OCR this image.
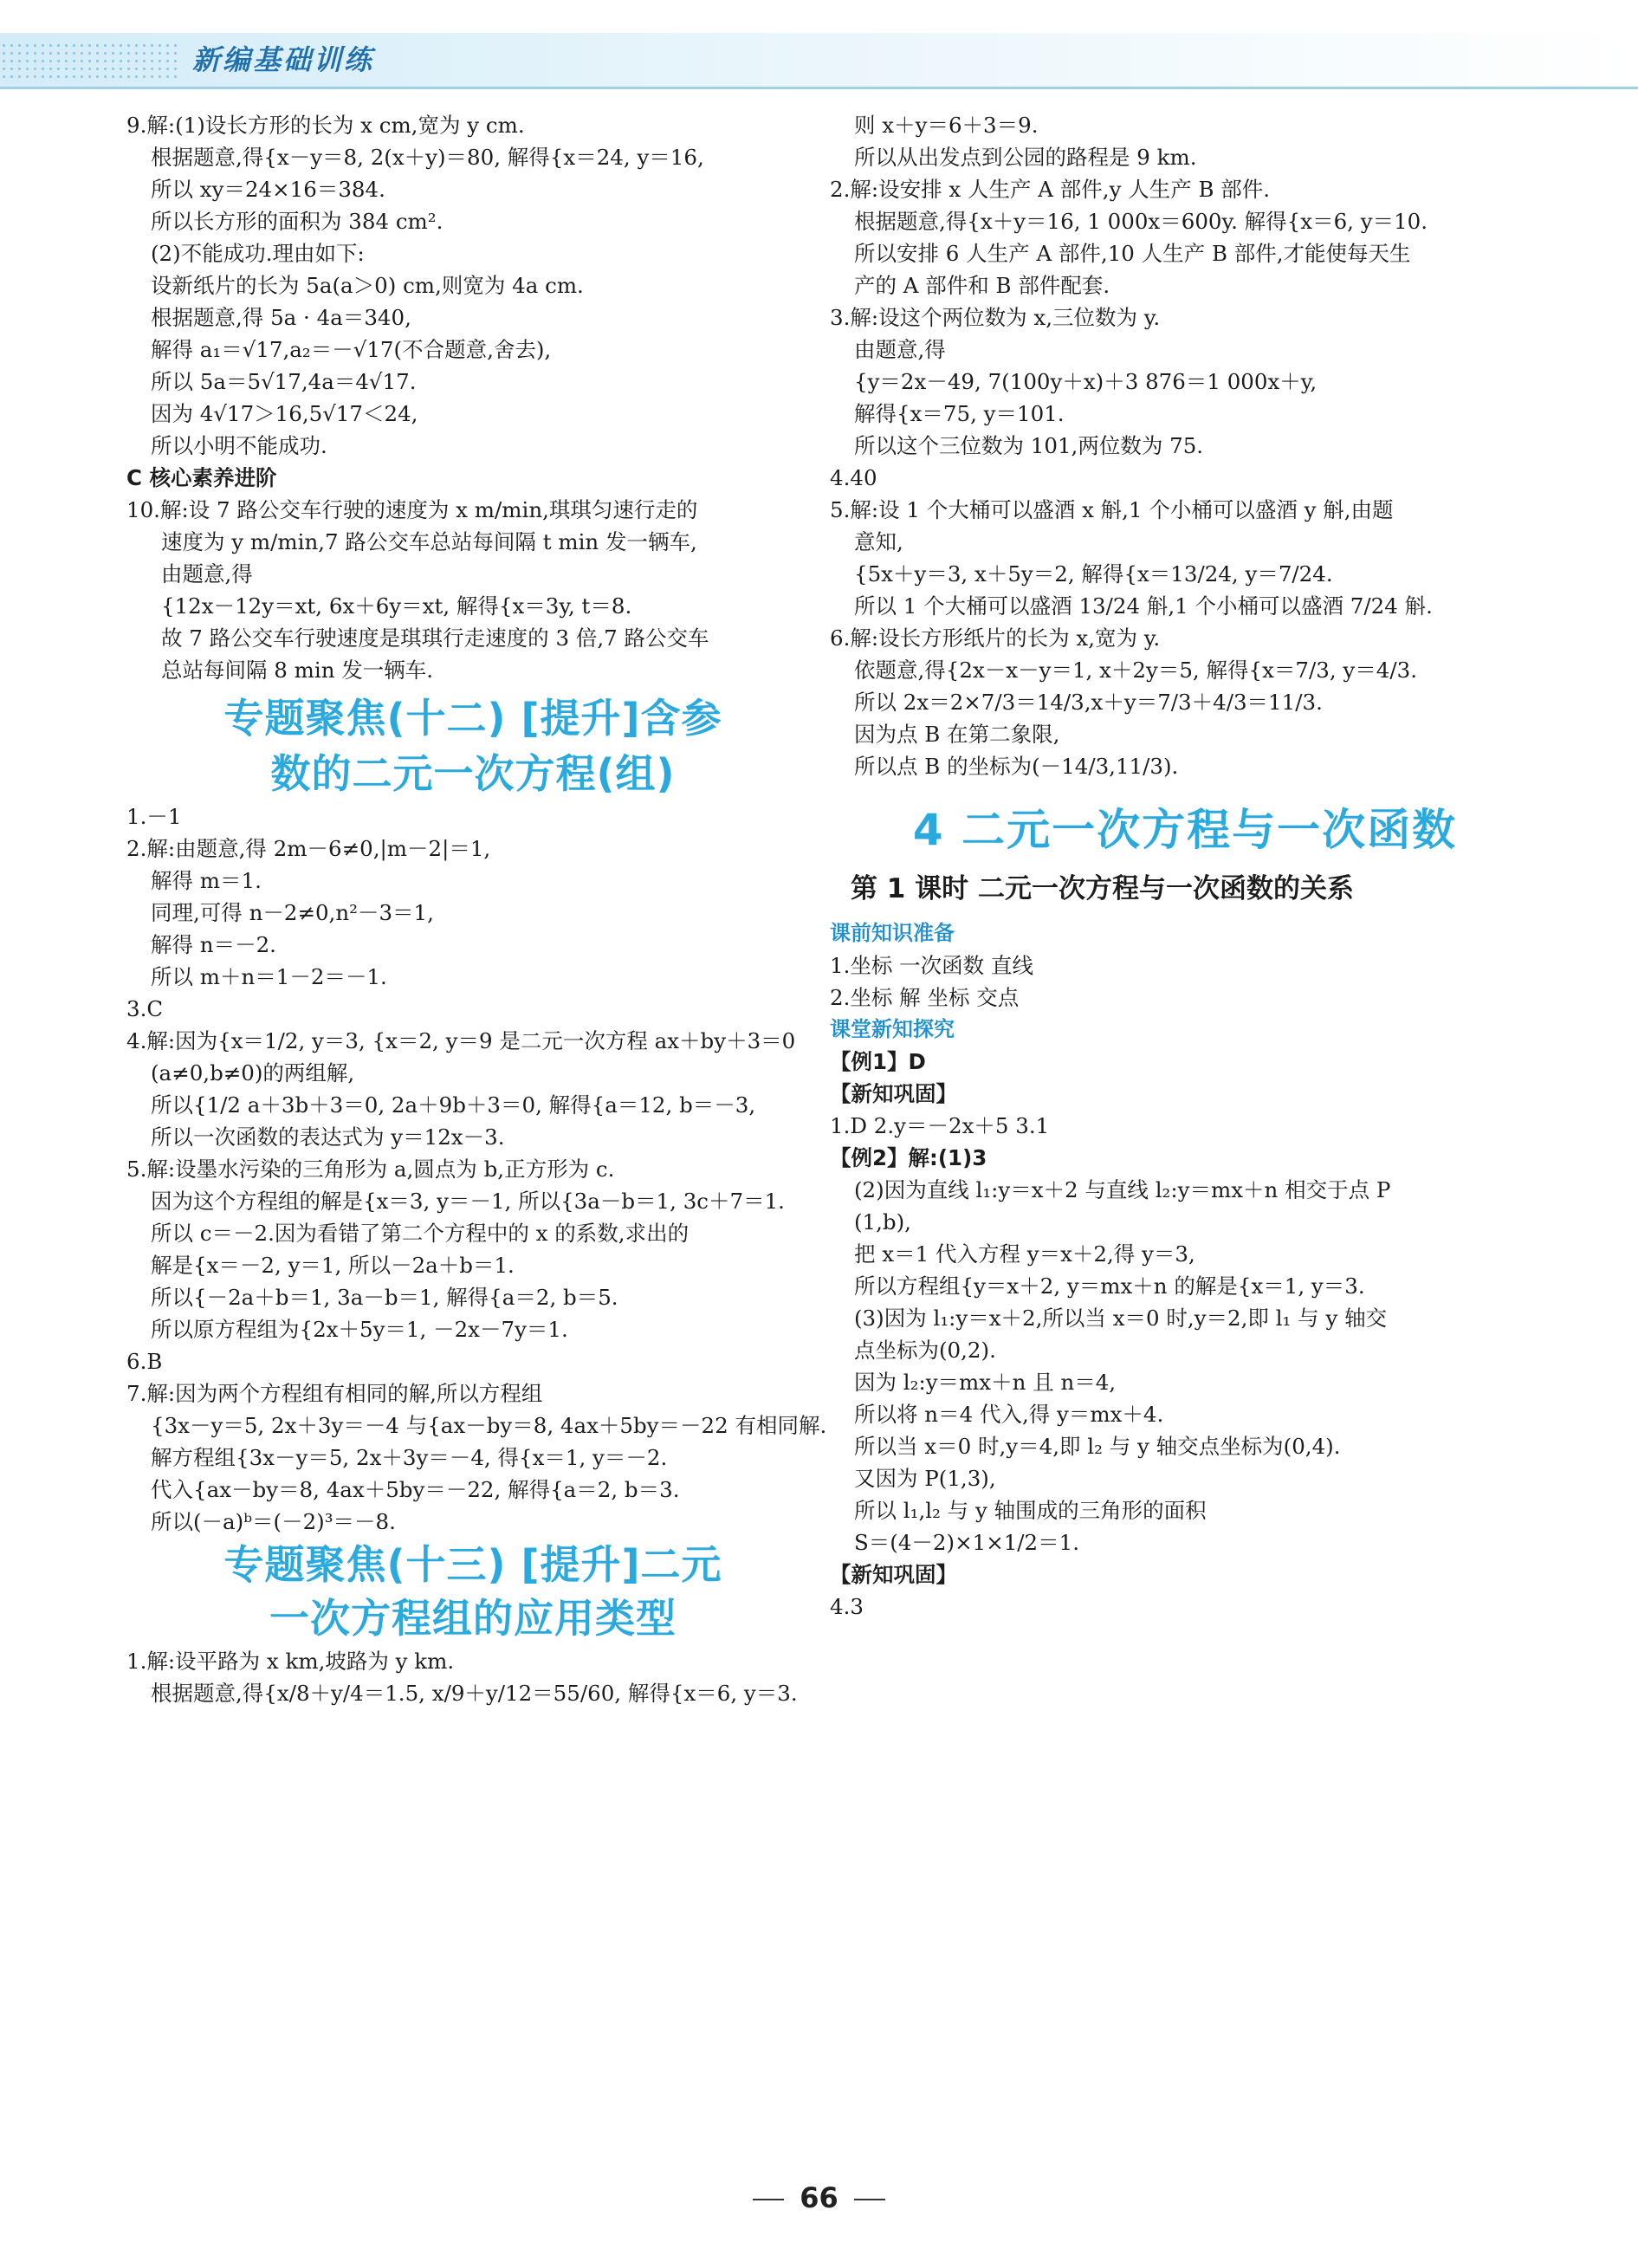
新编基础训练
9.解:(1)设长方形的长为 x cm,宽为 y cm.
根据题意,得{x－y＝8, 2(x＋y)＝80, 解得{x＝24, y＝16,
所以 xy＝24×16＝384.
所以长方形的面积为 384 cm².
(2)不能成功.理由如下:
设新纸片的长为 5a(a＞0) cm,则宽为 4a cm.
根据题意,得 5a · 4a＝340,
解得 a₁＝√17,a₂＝－√17(不合题意,舍去),
所以 5a＝5√17,4a＝4√17.
因为 4√17＞16,5√17＜24,
所以小明不能成功.
C 核心素养进阶
10.解:设 7 路公交车行驶的速度为 x m/min,琪琪匀速行走的
速度为 y m/min,7 路公交车总站每间隔 t min 发一辆车,
由题意,得
{12x－12y＝xt, 6x＋6y＝xt, 解得{x＝3y, t＝8.
故 7 路公交车行驶速度是琪琪行走速度的 3 倍,7 路公交车
总站每间隔 8 min 发一辆车.
专题聚焦(十二) [提升]含参
数的二元一次方程(组)
1.－1
2.解:由题意,得 2m－6≠0,|m－2|＝1,
解得 m＝1.
同理,可得 n－2≠0,n²－3＝1,
解得 n＝－2.
所以 m＋n＝1－2＝－1.
3.C
4.解:因为{x＝1/2, y＝3, {x＝2, y＝9 是二元一次方程 ax＋by＋3＝0
(a≠0,b≠0)的两组解,
所以{1/2 a＋3b＋3＝0, 2a＋9b＋3＝0, 解得{a＝12, b＝－3,
所以一次函数的表达式为 y＝12x－3.
5.解:设墨水污染的三角形为 a,圆点为 b,正方形为 c.
因为这个方程组的解是{x＝3, y＝－1, 所以{3a－b＝1, 3c＋7＝1.
所以 c＝－2.因为看错了第二个方程中的 x 的系数,求出的
解是{x＝－2, y＝1, 所以－2a＋b＝1.
所以{－2a＋b＝1, 3a－b＝1, 解得{a＝2, b＝5.
所以原方程组为{2x＋5y＝1, －2x－7y＝1.
6.B
7.解:因为两个方程组有相同的解,所以方程组
{3x－y＝5, 2x＋3y＝－4 与{ax－by＝8, 4ax＋5by＝－22 有相同解.
解方程组{3x－y＝5, 2x＋3y＝－4, 得{x＝1, y＝－2.
代入{ax－by＝8, 4ax＋5by＝－22, 解得{a＝2, b＝3.
所以(－a)ᵇ＝(－2)³＝－8.
专题聚焦(十三) [提升]二元
一次方程组的应用类型
1.解:设平路为 x km,坡路为 y km.
根据题意,得{x/8＋y/4＝1.5, x/9＋y/12＝55/60, 解得{x＝6, y＝3.
则 x＋y＝6＋3＝9.
所以从出发点到公园的路程是 9 km.
2.解:设安排 x 人生产 A 部件,y 人生产 B 部件.
根据题意,得{x＋y＝16, 1 000x＝600y. 解得{x＝6, y＝10.
所以安排 6 人生产 A 部件,10 人生产 B 部件,才能使每天生
产的 A 部件和 B 部件配套.
3.解:设这个两位数为 x,三位数为 y.
由题意,得
{y＝2x－49, 7(100y＋x)＋3 876＝1 000x＋y,
解得{x＝75, y＝101.
所以这个三位数为 101,两位数为 75.
4.40
5.解:设 1 个大桶可以盛酒 x 斛,1 个小桶可以盛酒 y 斛,由题
意知,
{5x＋y＝3, x＋5y＝2, 解得{x＝13/24, y＝7/24.
所以 1 个大桶可以盛酒 13/24 斛,1 个小桶可以盛酒 7/24 斛.
6.解:设长方形纸片的长为 x,宽为 y.
依题意,得{2x－x－y＝1, x＋2y＝5, 解得{x＝7/3, y＝4/3.
所以 2x＝2×7/3＝14/3,x＋y＝7/3＋4/3＝11/3.
因为点 B 在第二象限,
所以点 B 的坐标为(－14/3,11/3).
4 二元一次方程与一次函数
第 1 课时 二元一次方程与一次函数的关系
课前知识准备
1.坐标 一次函数 直线
2.坐标 解 坐标 交点
课堂新知探究
【例1】D
【新知巩固】
1.D 2.y＝－2x＋5 3.1
【例2】解:(1)3
(2)因为直线 l₁:y＝x＋2 与直线 l₂:y＝mx＋n 相交于点 P
(1,b),
把 x＝1 代入方程 y＝x＋2,得 y＝3,
所以方程组{y＝x＋2, y＝mx＋n 的解是{x＝1, y＝3.
(3)因为 l₁:y＝x＋2,所以当 x＝0 时,y＝2,即 l₁ 与 y 轴交
点坐标为(0,2).
因为 l₂:y＝mx＋n 且 n＝4,
所以将 n＝4 代入,得 y＝mx＋4.
所以当 x＝0 时,y＝4,即 l₂ 与 y 轴交点坐标为(0,4).
又因为 P(1,3),
所以 l₁,l₂ 与 y 轴围成的三角形的面积
S＝(4－2)×1×1/2＝1.
【新知巩固】
4.3
66
